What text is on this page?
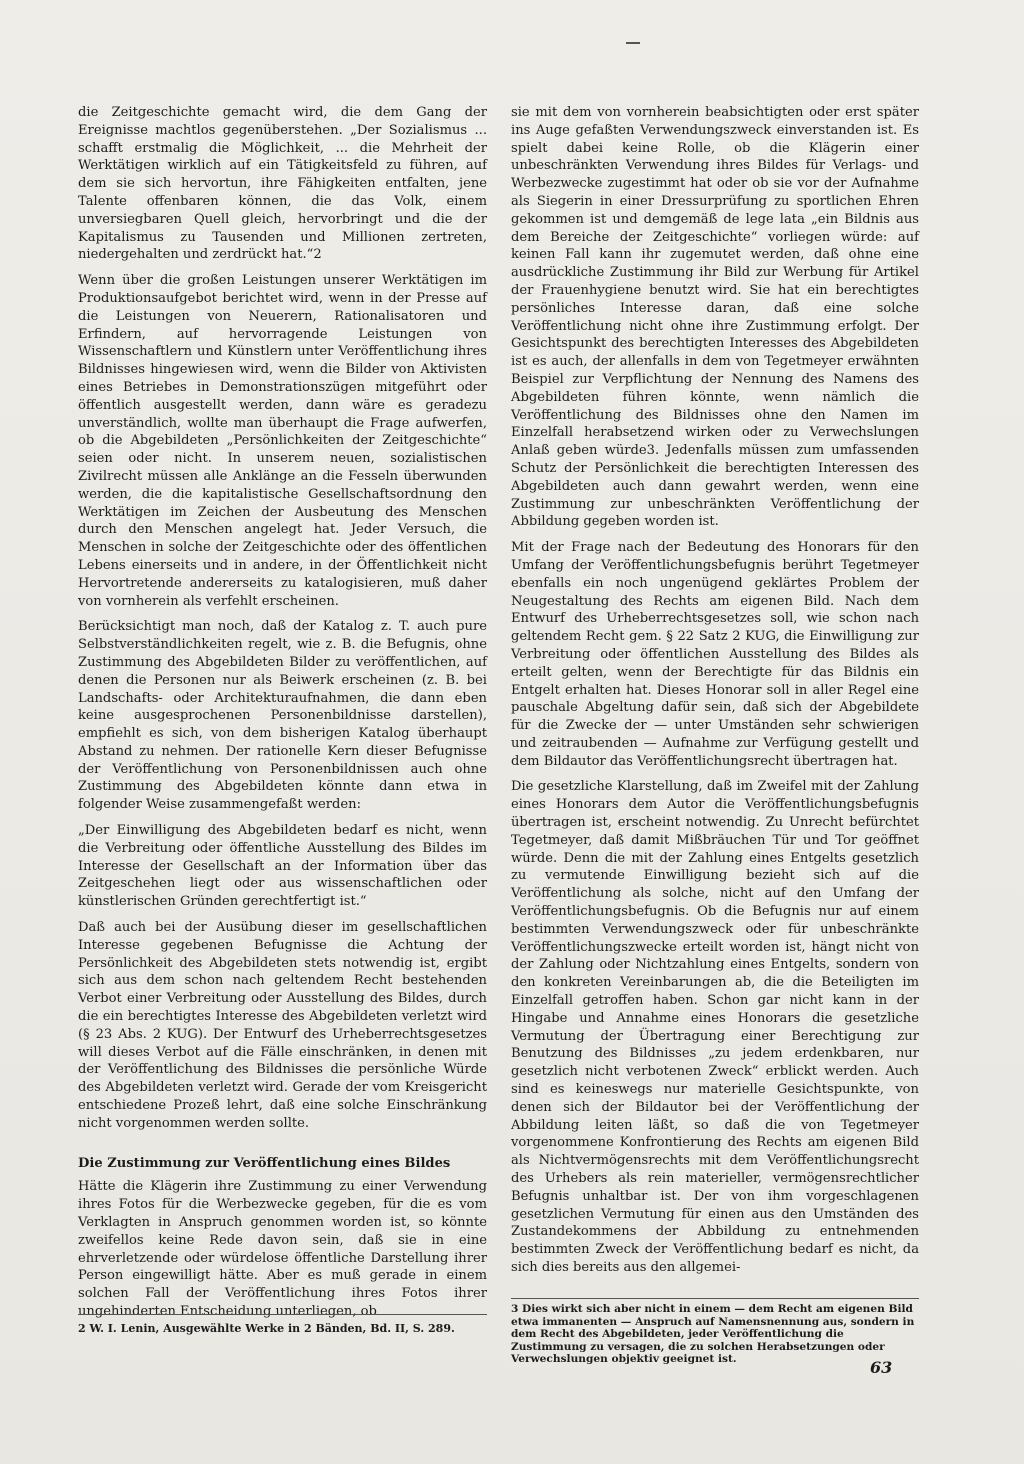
die Zeitgeschichte gemacht wird, die dem Gang der Ereignisse machtlos gegenüberstehen. „Der Sozialismus ... schafft erstmalig die Möglichkeit, ... die Mehrheit der Werktätigen wirklich auf ein Tätigkeitsfeld zu führen, auf dem sie sich hervortun, ihre Fähigkeiten entfalten, jene Talente offenbaren können, die das Volk, einem unversiegbaren Quell gleich, hervorbringt und die der Kapitalismus zu Tausenden und Millionen zertreten, niedergehalten und zerdrückt hat.“2

Wenn über die großen Leistungen unserer Werktätigen im Produktionsaufgebot berichtet wird, wenn in der Presse auf die Leistungen von Neuerern, Rationalisatoren und Erfindern, auf hervorragende Leistungen von Wissenschaftlern und Künstlern unter Veröffentlichung ihres Bildnisses hingewiesen wird, wenn die Bilder von Aktivisten eines Betriebes in Demonstrationszügen mitgeführt oder öffentlich ausgestellt werden, dann wäre es geradezu unverständlich, wollte man überhaupt die Frage aufwerfen, ob die Abgebildeten „Persönlichkeiten der Zeitgeschichte“ seien oder nicht. In unserem neuen, sozialistischen Zivilrecht müssen alle Anklänge an die Fesseln überwunden werden, die die kapitalistische Gesellschaftsordnung den Werktätigen im Zeichen der Ausbeutung des Menschen durch den Menschen angelegt hat. Jeder Versuch, die Menschen in solche der Zeitgeschichte oder des öffentlichen Lebens einerseits und in andere, in der Öffentlichkeit nicht Hervortretende andererseits zu katalogisieren, muß daher von vornherein als verfehlt erscheinen.

Berücksichtigt man noch, daß der Katalog z. T. auch pure Selbstverständlichkeiten regelt, wie z. B. die Befugnis, ohne Zustimmung des Abgebildeten Bilder zu veröffentlichen, auf denen die Personen nur als Beiwerk erscheinen (z. B. bei Landschafts- oder Architekturaufnahmen, die dann eben keine ausgesprochenen Personenbildnisse darstellen), empfiehlt es sich, von dem bisherigen Katalog überhaupt Abstand zu nehmen. Der rationelle Kern dieser Befugnisse der Veröffentlichung von Personenbildnissen auch ohne Zustimmung des Abgebildeten könnte dann etwa in folgender Weise zusammengefaßt werden:

„Der Einwilligung des Abgebildeten bedarf es nicht, wenn die Verbreitung oder öffentliche Ausstellung des Bildes im Interesse der Gesellschaft an der Information über das Zeitgeschehen liegt oder aus wissenschaftlichen oder künstlerischen Gründen gerechtfertigt ist.“

Daß auch bei der Ausübung dieser im gesellschaftlichen Interesse gegebenen Befugnisse die Achtung der Persönlichkeit des Abgebildeten stets notwendig ist, ergibt sich aus dem schon nach geltendem Recht bestehenden Verbot einer Verbreitung oder Ausstellung des Bildes, durch die ein berechtigtes Interesse des Abgebildeten verletzt wird (§ 23 Abs. 2 KUG). Der Entwurf des Urheberrechtsgesetzes will dieses Verbot auf die Fälle einschränken, in denen mit der Veröffentlichung des Bildnisses die persönliche Würde des Abgebildeten verletzt wird. Gerade der vom Kreisgericht entschiedene Prozeß lehrt, daß eine solche Einschränkung nicht vorgenommen werden sollte.

Die Zustimmung zur Veröffentlichung eines Bildes

Hätte die Klägerin ihre Zustimmung zu einer Verwendung ihres Fotos für die Werbezwecke gegeben, für die es vom Verklagten in Anspruch genommen worden ist, so könnte zweifellos keine Rede davon sein, daß sie in eine ehrverletzende oder würdelose öffentliche Darstellung ihrer Person eingewilligt hätte. Aber es muß gerade in einem solchen Fall der Veröffentlichung ihres Fotos ihrer ungehinderten Entscheidung unterliegen, ob

2 W. I. Lenin, Ausgewählte Werke in 2 Bänden, Bd. II, S. 289.

sie mit dem von vornherein beabsichtigten oder erst später ins Auge gefaßten Verwendungszweck einverstanden ist. Es spielt dabei keine Rolle, ob die Klägerin einer unbeschränkten Verwendung ihres Bildes für Verlags- und Werbezwecke zugestimmt hat oder ob sie vor der Aufnahme als Siegerin in einer Dressurprüfung zu sportlichen Ehren gekommen ist und demgemäß de lege lata „ein Bildnis aus dem Bereiche der Zeitgeschichte“ vorliegen würde: auf keinen Fall kann ihr zugemutet werden, daß ohne eine ausdrückliche Zustimmung ihr Bild zur Werbung für Artikel der Frauenhygiene benutzt wird. Sie hat ein berechtigtes persönliches Interesse daran, daß eine solche Veröffentlichung nicht ohne ihre Zustimmung erfolgt. Der Gesichtspunkt des berechtigten Interesses des Abgebildeten ist es auch, der allenfalls in dem von Tegetmeyer erwähnten Beispiel zur Verpflichtung der Nennung des Namens des Abgebildeten führen könnte, wenn nämlich die Veröffentlichung des Bildnisses ohne den Namen im Einzelfall herabsetzend wirken oder zu Verwechslungen Anlaß geben würde3. Jedenfalls müssen zum umfassenden Schutz der Persönlichkeit die berechtigten Interessen des Abgebildeten auch dann gewahrt werden, wenn eine Zustimmung zur unbeschränkten Veröffentlichung der Abbildung gegeben worden ist.

Mit der Frage nach der Bedeutung des Honorars für den Umfang der Veröffentlichungsbefugnis berührt Tegetmeyer ebenfalls ein noch ungenügend geklärtes Problem der Neugestaltung des Rechts am eigenen Bild. Nach dem Entwurf des Urheberrechtsgesetzes soll, wie schon nach geltendem Recht gem. § 22 Satz 2 KUG, die Einwilligung zur Verbreitung oder öffentlichen Ausstellung des Bildes als erteilt gelten, wenn der Berechtigte für das Bildnis ein Entgelt erhalten hat. Dieses Honorar soll in aller Regel eine pauschale Abgeltung dafür sein, daß sich der Abgebildete für die Zwecke der — unter Umständen sehr schwierigen und zeitraubenden — Aufnahme zur Verfügung gestellt und dem Bildautor das Veröffentlichungsrecht übertragen hat.

Die gesetzliche Klarstellung, daß im Zweifel mit der Zahlung eines Honorars dem Autor die Veröffentlichungsbefugnis übertragen ist, erscheint notwendig. Zu Unrecht befürchtet Tegetmeyer, daß damit Mißbräuchen Tür und Tor geöffnet würde. Denn die mit der Zahlung eines Entgelts gesetzlich zu vermutende Einwilligung bezieht sich auf die Veröffentlichung als solche, nicht auf den Umfang der Veröffentlichungsbefugnis. Ob die Befugnis nur auf einem bestimmten Verwendungszweck oder für unbeschränkte Veröffentlichungszwecke erteilt worden ist, hängt nicht von der Zahlung oder Nichtzahlung eines Entgelts, sondern von den konkreten Vereinbarungen ab, die die Beteiligten im Einzelfall getroffen haben. Schon gar nicht kann in der Hingabe und Annahme eines Honorars die gesetzliche Vermutung der Übertragung einer Berechtigung zur Benutzung des Bildnisses „zu jedem erdenkbaren, nur gesetzlich nicht verbotenen Zweck“ erblickt werden. Auch sind es keineswegs nur materielle Gesichtspunkte, von denen sich der Bildautor bei der Veröffentlichung der Abbildung leiten läßt, so daß die von Tegetmeyer vorgenommene Konfrontierung des Rechts am eigenen Bild als Nichtvermögensrechts mit dem Veröffentlichungsrecht des Urhebers als rein materieller, vermögensrechtlicher Befugnis unhaltbar ist. Der von ihm vorgeschlagenen gesetzlichen Vermutung für einen aus den Umständen des Zustandekommens der Abbildung zu entnehmenden bestimmten Zweck der Veröffentlichung bedarf es nicht, da sich dies bereits aus den allgemei-

3 Dies wirkt sich aber nicht in einem — dem Recht am eigenen Bild etwa immanenten — Anspruch auf Namensnennung aus, sondern in dem Recht des Abgebildeten, jeder Veröffentlichung die Zustimmung zu versagen, die zu solchen Herabsetzungen oder Verwechslungen objektiv geeignet ist.	63
